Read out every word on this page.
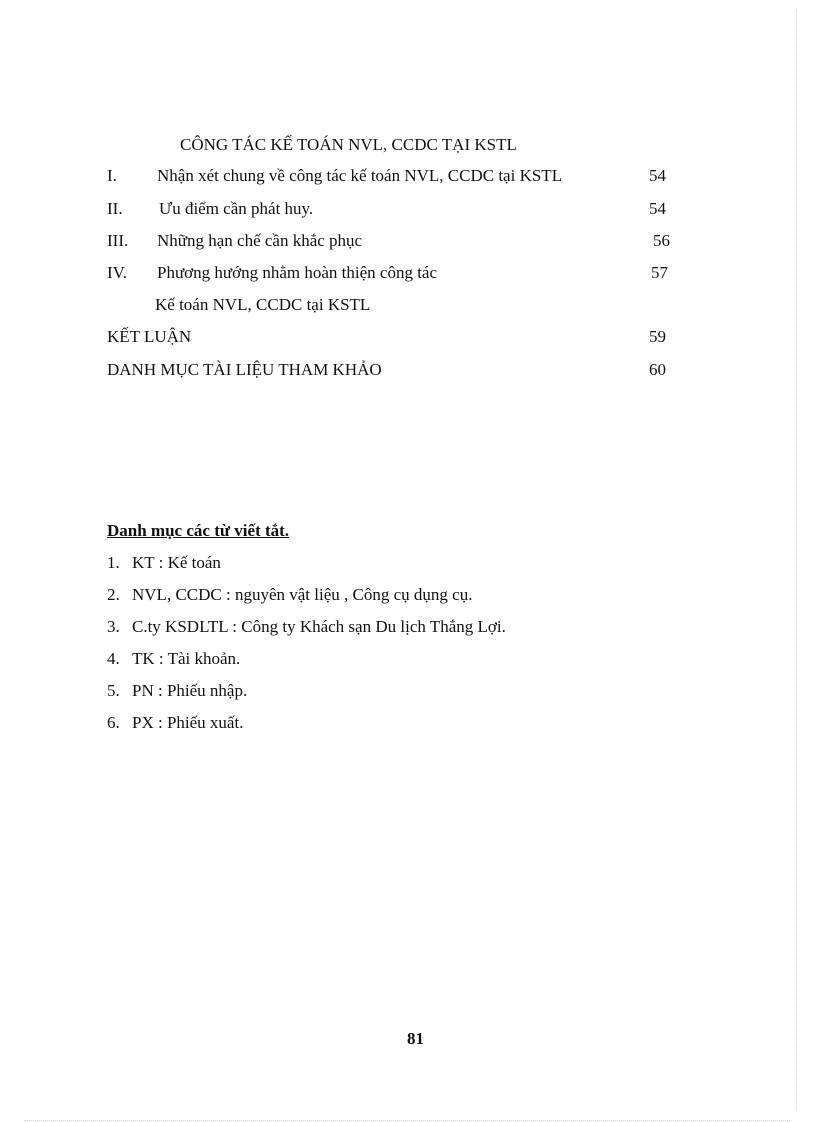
CÔNG TÁC KẾ TOÁN NVL, CCDC TẠI KSTL
I. Nhận xét chung về công tác kế toán NVL, CCDC tại KSTL	54
II. Ưu điểm cần phát huy.	54
III. Những hạn chế cần khắc phục	56
IV. Phương hướng nhằm hoàn thiện công tác	57
Kế toán NVL, CCDC tại KSTL
KẾT LUẬN	59
DANH MỤC TÀI LIỆU THAM KHẢO	60
Danh mục các từ viết tắt.
1. KT : Kế toán
2. NVL, CCDC : nguyên vật liệu , Công cụ dụng cụ.
3. C.ty KSDLTL : Công ty Khách sạn Du lịch Thắng Lợi.
4. TK : Tài khoản.
5. PN : Phiếu nhập.
6. PX : Phiếu xuất.
81
